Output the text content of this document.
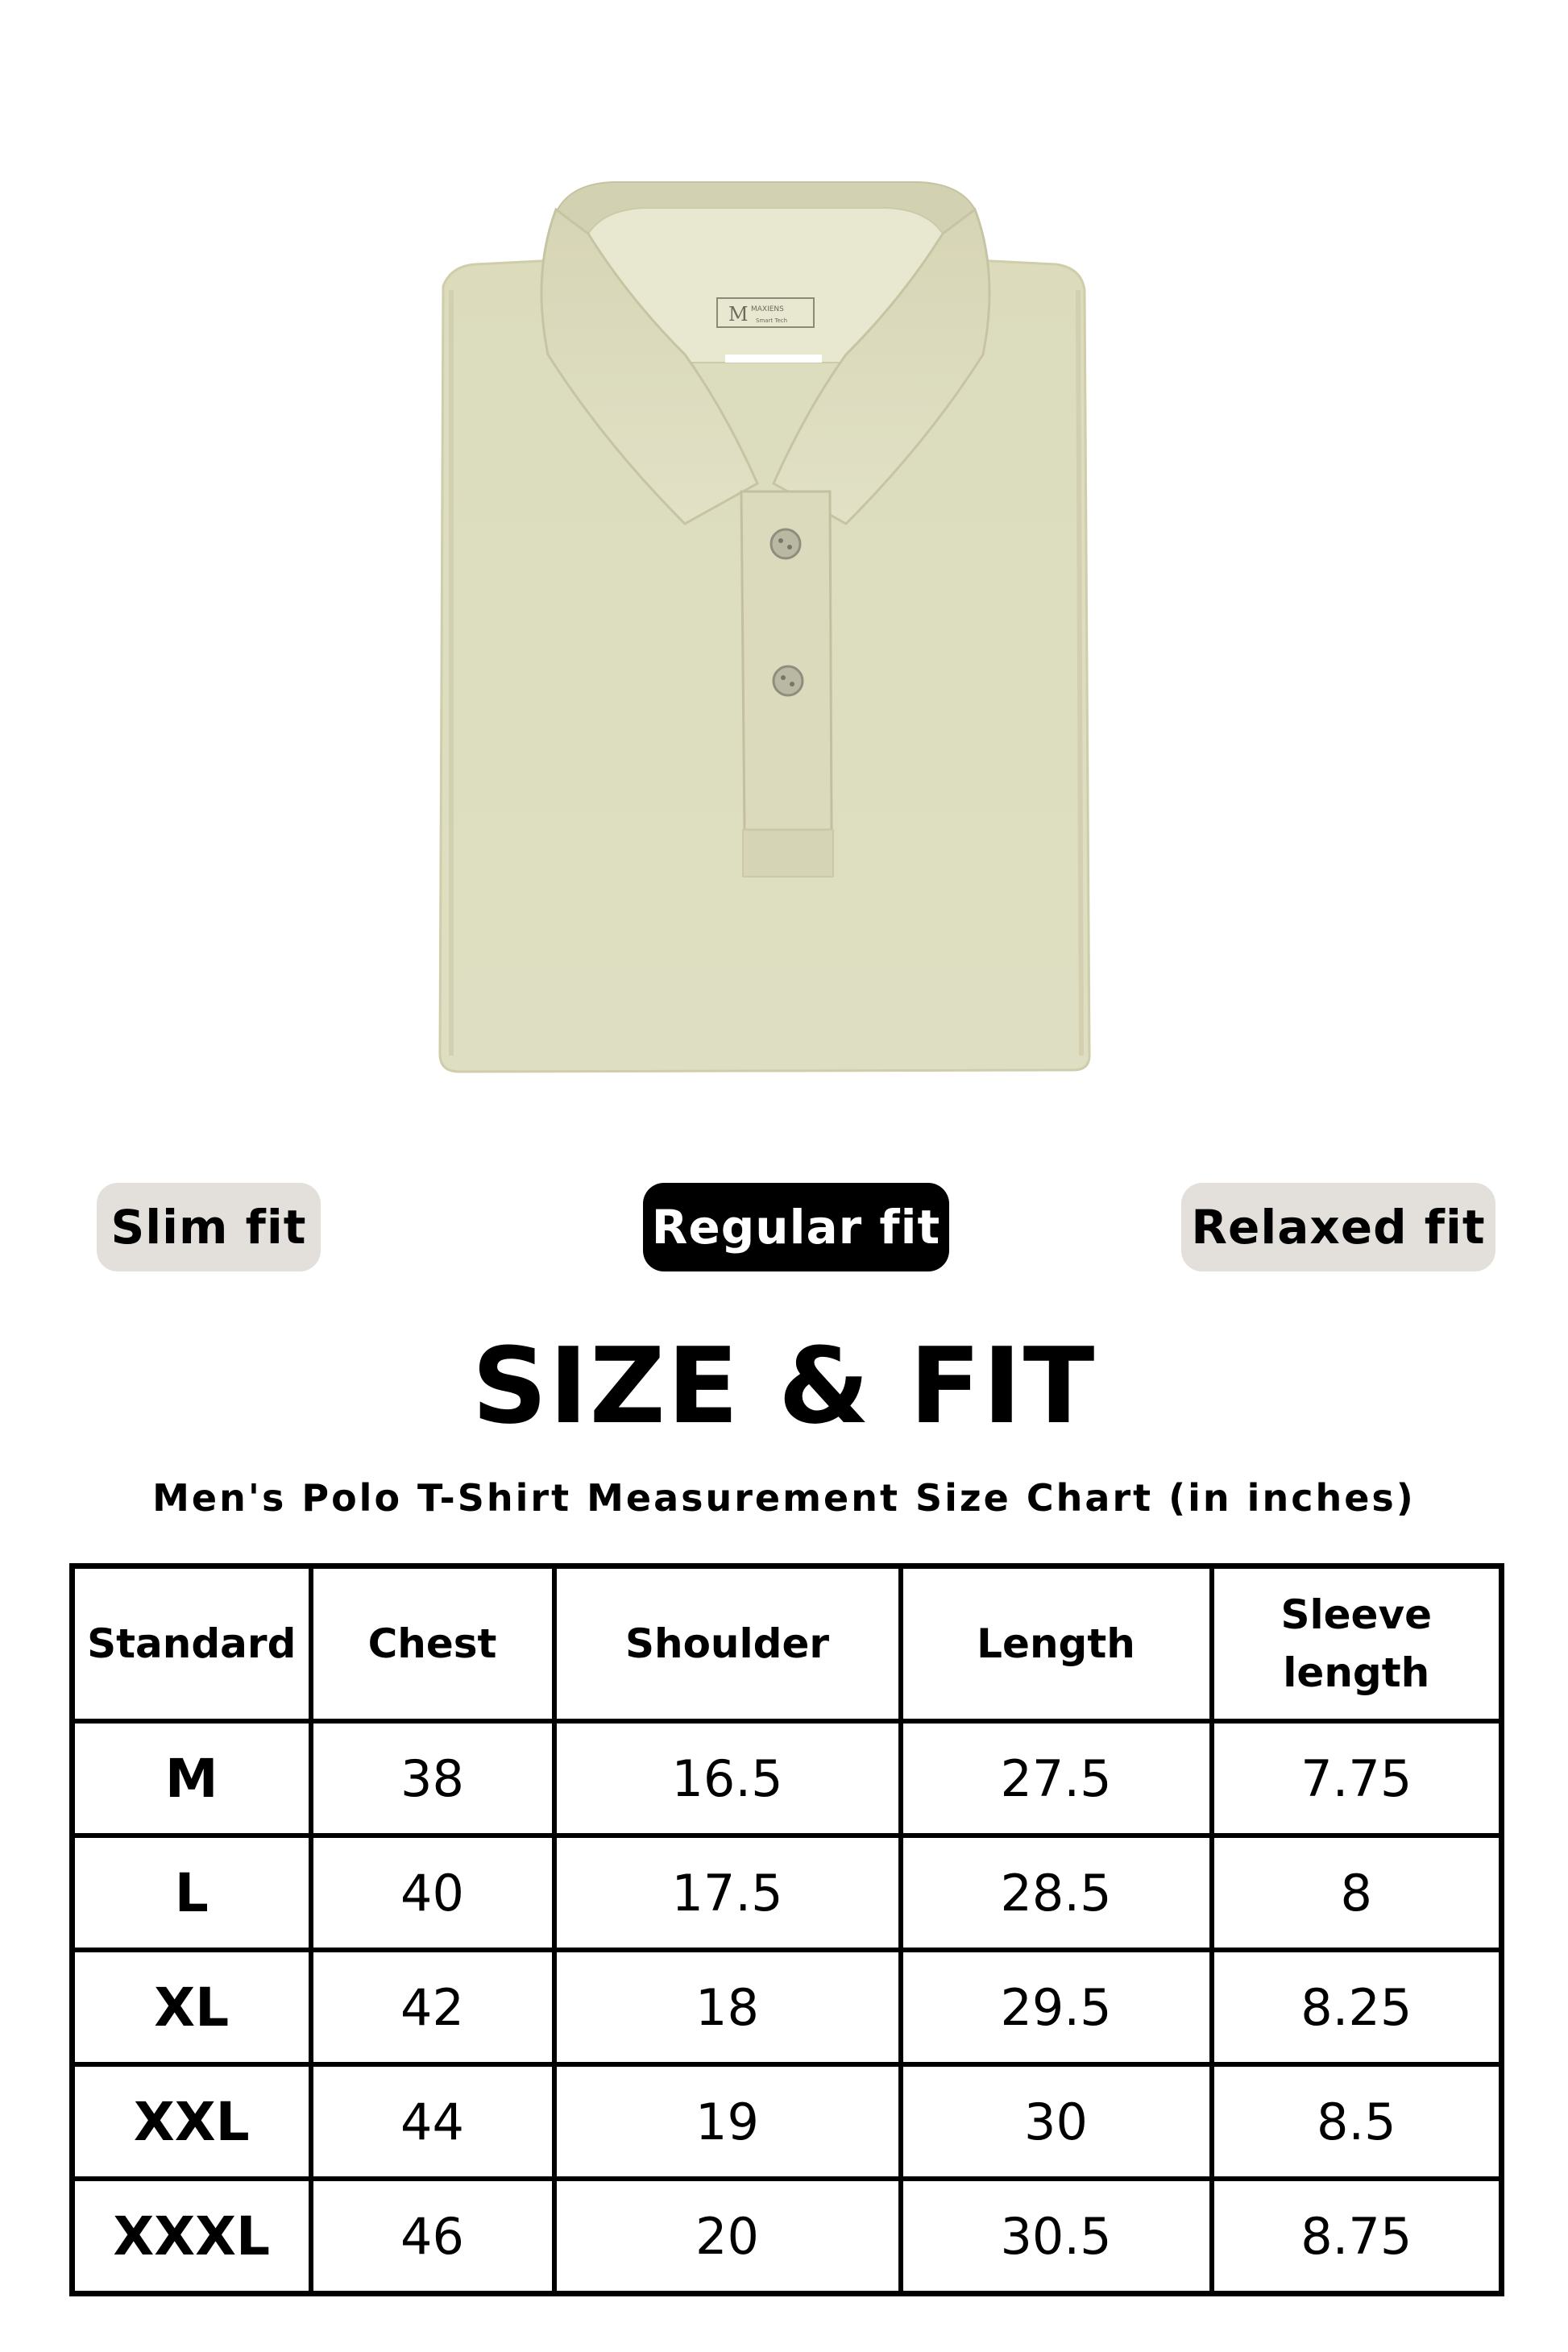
M MAXIENS
Smart Tech
Slim fit	Regular fit	Relaxed fit
SIZE & FIT
Men's Polo T-Shirt Measurement Size Chart (in inches)
Standard	Chest	Shoulder	Length	Sleeve length
M	38	16.5	27.5	7.75
L	40	17.5	28.5	8
XL	42	18	29.5	8.25
XXL	44	19	30	8.5
XXXL	46	20	30.5	8.75
